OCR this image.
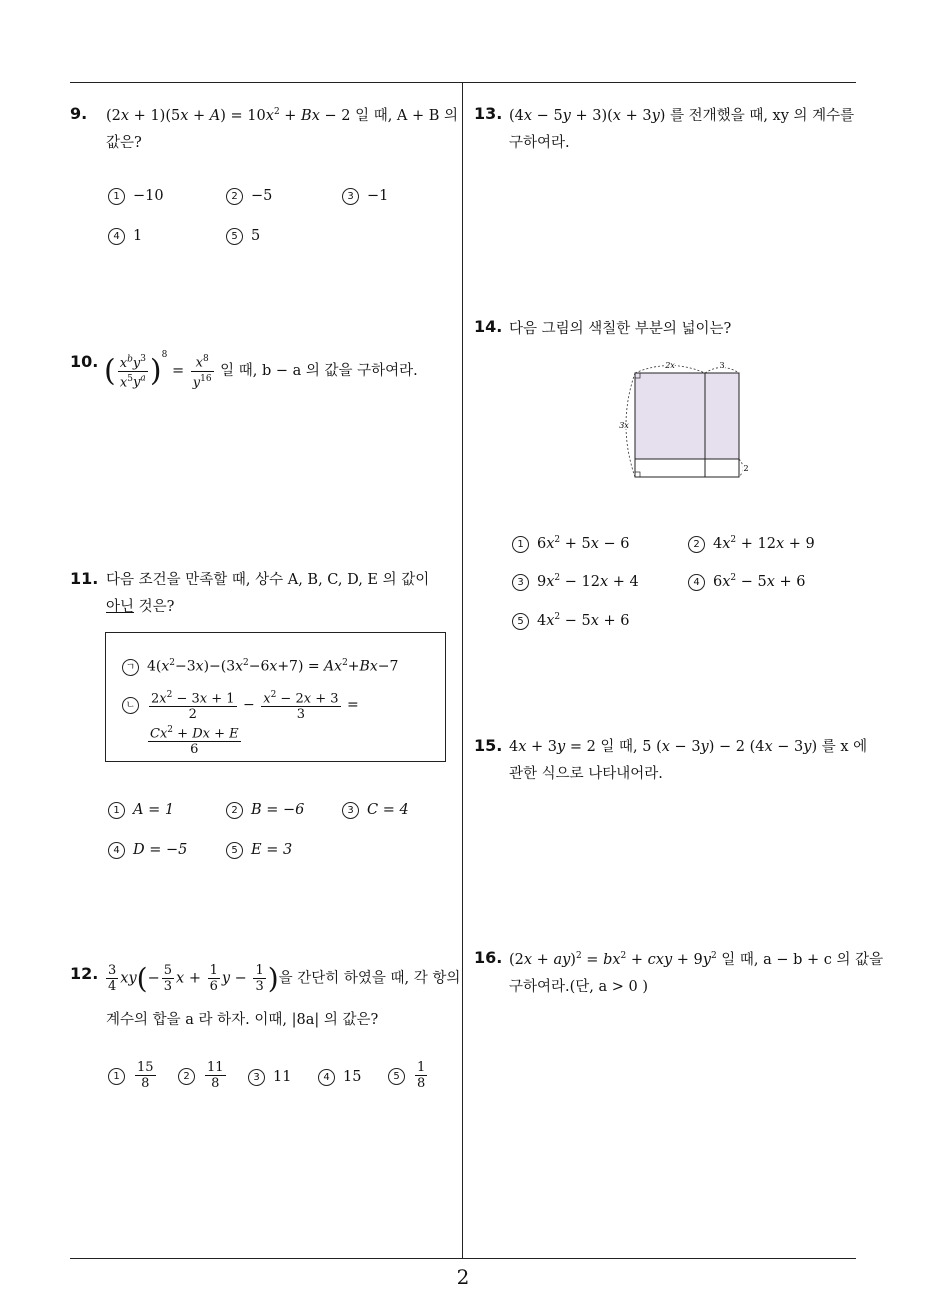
9. $(2x + 1)(5x + A) = 10x^2 + Bx - 2$ 일 때, A + B 의
값은?
1 −10	2 −5	3 −1
4 1	5 5
10. ( $\frac{x^by^3}{x^5y^a} )^8 = \frac{x^8}{y^{16}}$ 일 때, b − a 의 값을 구하여라.
11. 다음 조건을 만족할 때, 상수 A, B, C, D, E 의 값이
아닌 것은?
ㄱ $4(x^2-3x)-(3x^2-6x+7) = Ax^2+Bx-7$
ㄴ $\frac{2x^2 - 3x + 1}{2} - \frac{x^2 - 2x + 3}{3}$ =
$\frac{Cx^2 + Dx + E}{6}$
1 A = 1	2 B = −6	3 C = 4
4 D = −5	5 E = 3
12. $\frac{3}{4} xy(- \frac{5}{3}$ $x + \frac{1}{6}$ $y - \frac{1}{3}$ )을 간단히 하였을 때, 각 항의
계수의 합을 a 라 하자. 이때, |8a| 의 값은?
$1 \frac{15}{8}$	$2 \frac{11}{8}$	3 11	4 15	$5 \frac{1}{8}$
13. (4x − 5y + 3)(x + 3y) 를 전개했을 때, xy 의 계수를
구하여라.
14. 다음 그림의 색칠한 부분의 넓이는?
2x	3
3x
2
1 $6x^2 + 5x - 6$	2 $4x^2 + 12x + 9$
3 $9x^2 - 12x + 4$	4 $6x^2 - 5x + 6$
5 $4x^2 - 5x + 6$
15. 4x + 3y = 2 일 때, 5 (x − 3y) − 2 (4x − 3y) 를 x 에
관한 식으로 나타내어라.
16. $(2x + ay)^2 = bx^2$ + cxy + $9y^2$ 일 때, a − b + c 의 값을
구하여라.(단, a > 0 )
2
